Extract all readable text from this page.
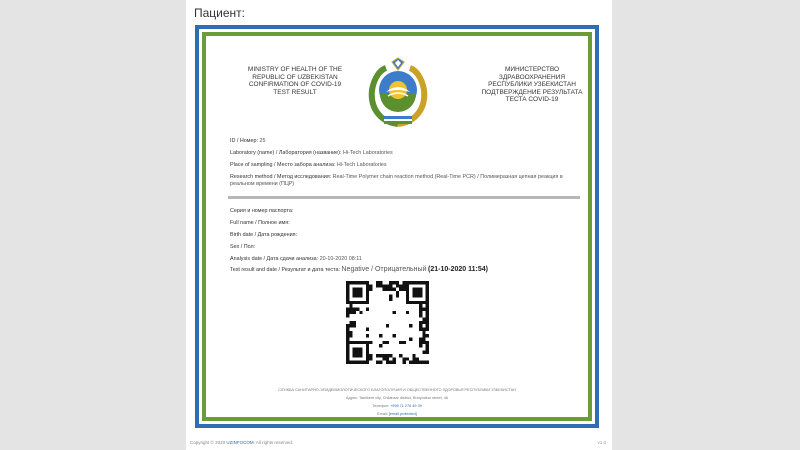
Пациент:
MINISTRY OF HEALTH OF THE
REPUBLIC OF UZBEKISTAN
CONFIRMATION OF COVID-19
TEST RESULT
МИНИСТЕРСТВО
ЗДРАВООХРАНЕНИЯ
РЕСПУБЛИКИ УЗБЕКИСТАН
ПОДТВЕРЖДЕНИЕ РЕЗУЛЬТАТА
ТЕСТА COVID-19
ID / Номер: 25
Laboratory (name) / Лаборатория (название): Hi-Tech Laboratories
Place of sampling / Место забора анализа: Hi-Tech Laboratories
Research method / Метод исследования: Real-Time Polymer chain reaction method (Real-Time PCR) / Полимеразная цепная реакция в реальном времени (ПЦР)
Серия и номер паспорта:
Full name / Полное имя:
Birth date / Дата рождения:
Sex / Пол:
Analysis date / Дата сдачи анализа: 20-10-2020 08:11
Test result and date / Результат и дата теста: Negative / Отрицательный (21-10-2020 11:54)
СЛУЖБА САНИТАРНО-ЭПИДЕМИОЛОГИЧЕСКОГО БЛАГОПОЛУЧИЯ И ОБЩЕСТВЕННОГО ЗДОРОВЬЯ РЕСПУБЛИКИ УЗБЕКИСТАН
Адрес: Tashkent city, Chilanzar district, Bunyodkor street, 46
Телефон: +998 71 276 49 39
Email: [email protected]
Copyright © 2020 UZINFOCOM. All rights reserved.	v1.0
